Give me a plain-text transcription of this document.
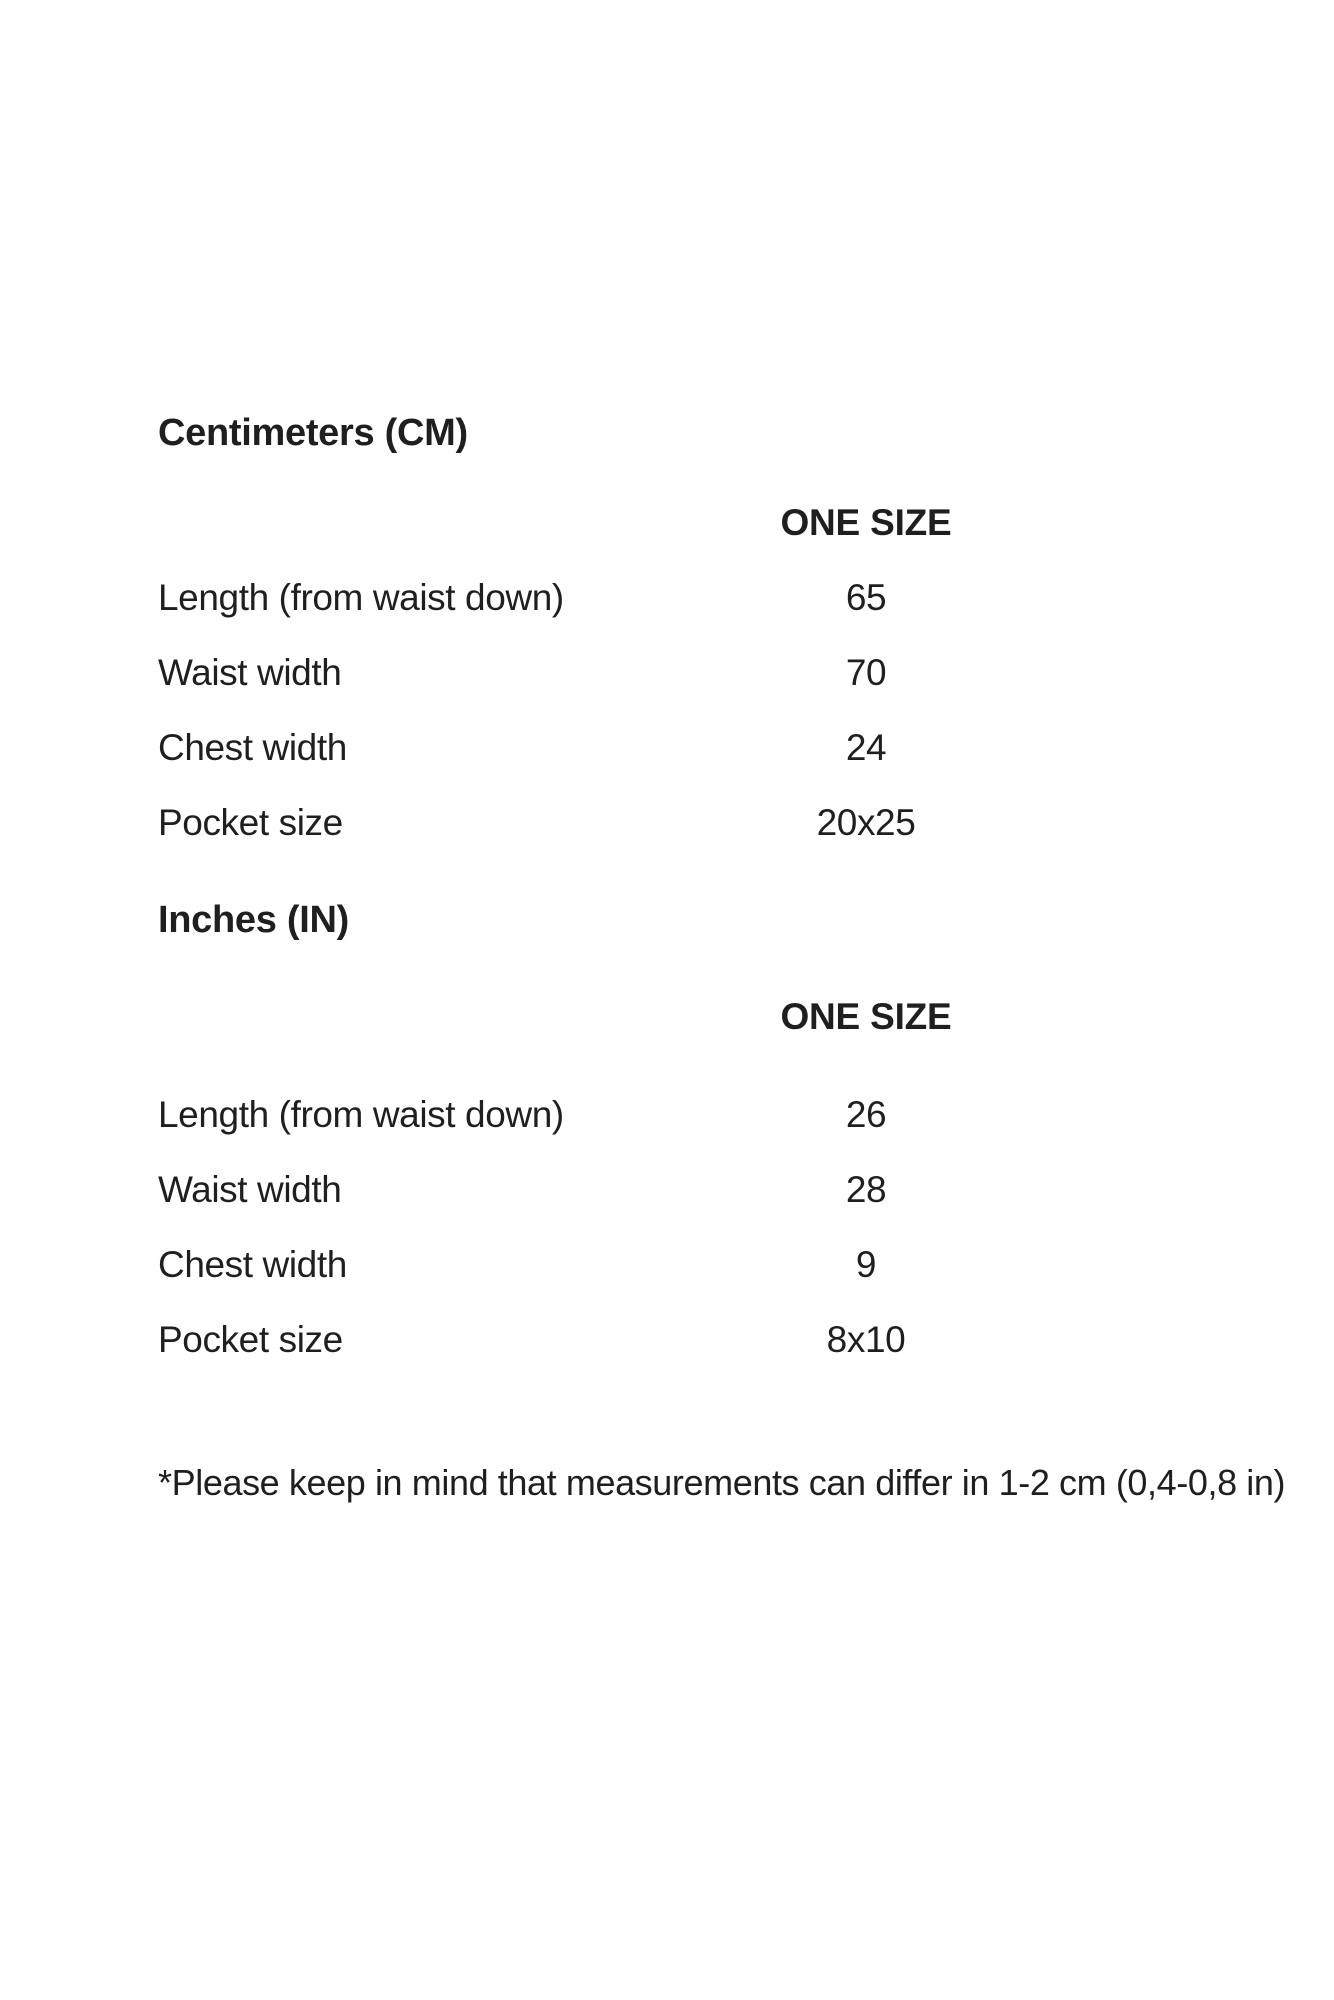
Centimeters (CM)
ONE SIZE
Length (from waist down)	65
Waist width	70
Chest width	24
Pocket size	20x25
Inches (IN)
ONE SIZE
Length (from waist down)	26
Waist width	28
Chest width	9
Pocket size	8x10

*Please keep in mind that measurements can differ in 1-2 cm (0,4-0,8 in)
